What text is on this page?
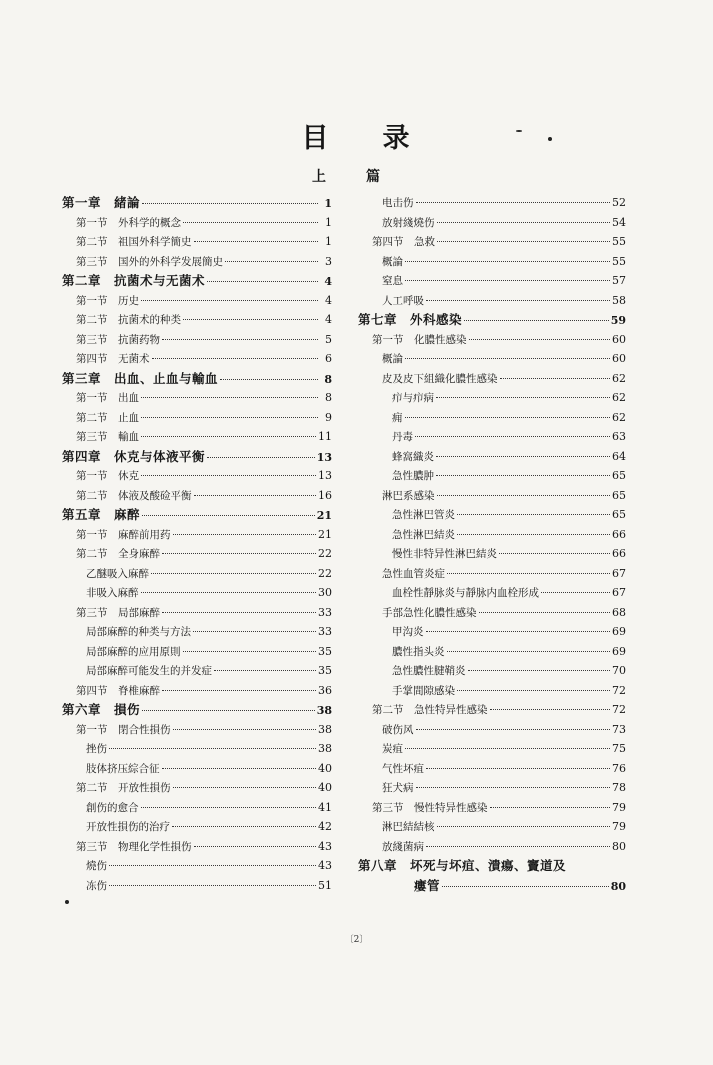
目 录
上	篇
第一章　緒論	1
第一节　外科学的概念	1
第二节　祖国外科学簡史	1
第三节　国外的外科学发展簡史	3
第二章　抗菌术与无菌术	4
第一节　历史	4
第二节　抗菌术的种类	4
第三节　抗菌药物	5
第四节　无菌术	6
第三章　出血、止血与輸血	8
第一节　出血	8
第二节　止血	9
第三节　輸血	11
第四章　休克与体液平衡	13
第一节　休克	13
第二节　体液及酸硷平衡	16
第五章　麻醉	21
第一节　麻醉前用药	21
第二节　全身麻醉	22
乙醚吸入麻醉	22
非吸入麻醉	30
第三节　局部麻醉	33
局部麻醉的种类与方法	33
局部麻醉的应用原則	35
局部麻醉可能发生的并发症	35
第四节　脊椎麻醉	36
第六章　損伤	38
第一节　閉合性損伤	38
挫伤	38
肢体挤压綜合征	40
第二节　开放性損伤	40
創伤的愈合	41
开放性損伤的治疗	42
第三节　物理化学性損伤	43
燒伤	43
冻伤	51
电击伤	52
放射綫燒伤	54
第四节　急救	55
概論	55
窒息	57
人工呼吸	58
第七章　外科感染	59
第一节　化膿性感染	60
概論	60
皮及皮下組織化膿性感染	62
疖与疖病	62
痈	62
丹毒	63
蜂窩織炎	64
急性膿肿	65
淋巴系感染	65
急性淋巴管炎	65
急性淋巴結炎	66
慢性非特异性淋巴結炎	66
急性血管炎症	67
血栓性靜脉炎与靜脉内血栓形成	67
手部急性化膿性感染	68
甲沟炎	69
膿性指头炎	69
急性膿性腱鞘炎	70
手掌間隙感染	72
第二节　急性特异性感染	72
破伤风	73
炭疽	75
气性坏疽	76
狂犬病	78
第三节　慢性特异性感染	79
淋巴結結核	79
放綫菌病	80
第八章　坏死与坏疽、潰瘍、竇道及
瘻管	80
〔2〕
